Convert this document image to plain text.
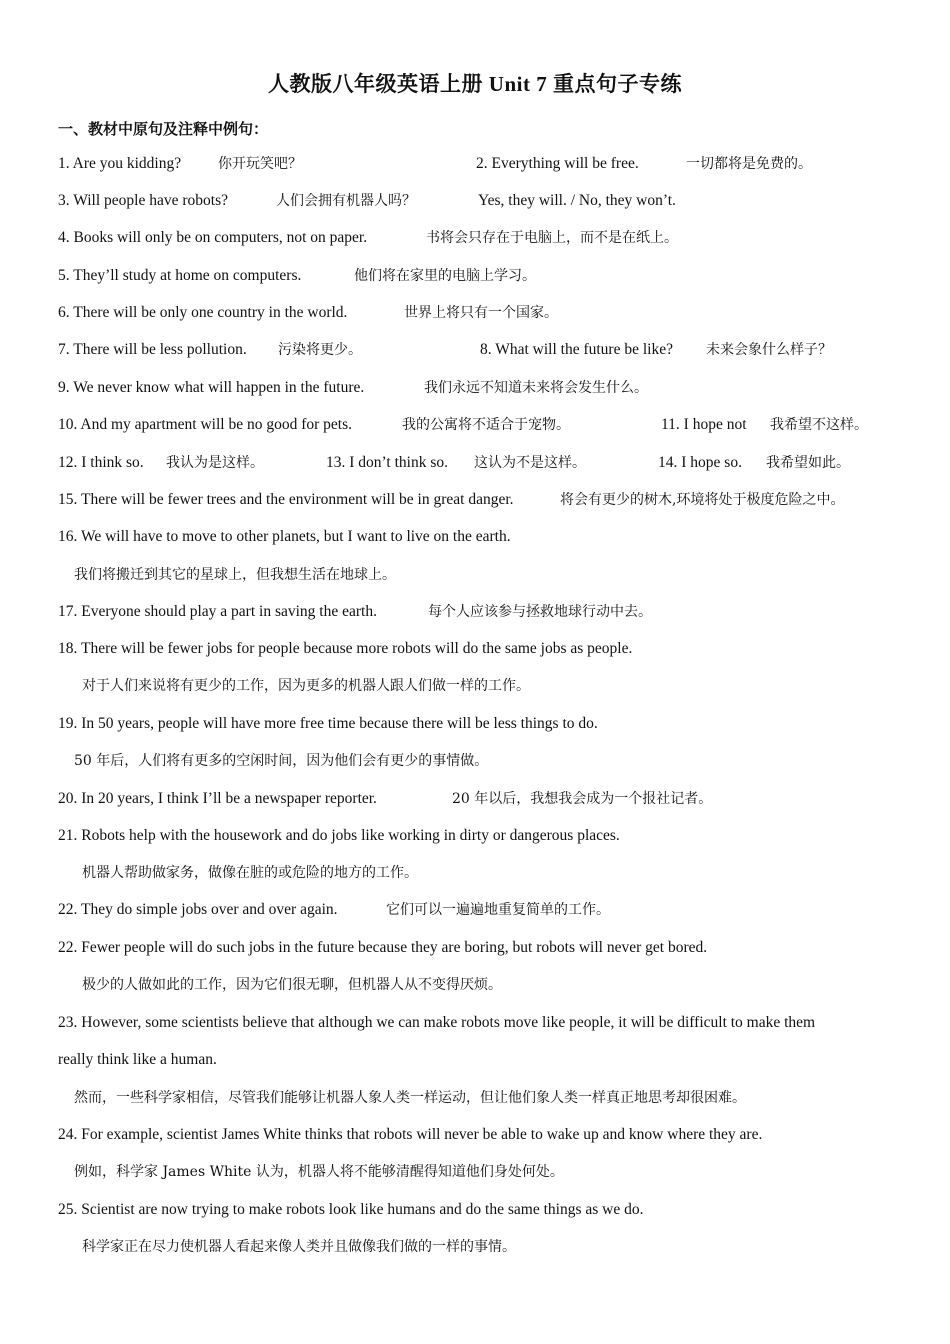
人教版八年级英语上册 Unit 7 重点句子专练
一、教材中原句及注释中例句：
1. Are you kidding?	你开玩笑吧？	2. Everything will be free.	一切都将是免费的。
3. Will people have robots?	人们会拥有机器人吗？	Yes, they will. / No, they won’t.
4. Books will only be on computers, not on paper.	书将会只存在于电脑上，而不是在纸上。
5. They’ll study at home on computers.	他们将在家里的电脑上学习。
6. There will be only one country in the world.	世界上将只有一个国家。
7. There will be less pollution. 污染将更少。	8. What will the future be like? 未来会象什么样子？
9. We never know what will happen in the future.	我们永远不知道未来将会发生什么。
10. And my apartment will be no good for pets.	我的公寓将不适合于宠物。	11. I hope not 我希望不这样。
12. I think so. 我认为是这样。	13. I don’t think so. 这认为不是这样。	14. I hope so. 我希望如此。
15. There will be fewer trees and the environment will be in great danger.	将会有更少的树木,环境将处于极度危险之中。
16. We will have to move to other planets, but I want to live on the earth.
我们将搬迁到其它的星球上，但我想生活在地球上。
17. Everyone should play a part in saving the earth.	每个人应该参与拯救地球行动中去。
18. There will be fewer jobs for people because more robots will do the same jobs as people.
对于人们来说将有更少的工作，因为更多的机器人跟人们做一样的工作。
19. In 50 years, people will have more free time because there will be less things to do.
50 年后，人们将有更多的空闲时间，因为他们会有更少的事情做。
20. In 20 years, I think I’ll be a newspaper reporter.	20 年以后，我想我会成为一个报社记者。
21. Robots help with the housework and do jobs like working in dirty or dangerous places.
机器人帮助做家务，做像在脏的或危险的地方的工作。
22. They do simple jobs over and over again.	它们可以一遍遍地重复简单的工作。
22. Fewer people will do such jobs in the future because they are boring, but robots will never get bored.
极少的人做如此的工作，因为它们很无聊，但机器人从不变得厌烦。
23. However, some scientists believe that although we can make robots move like people, it will be difficult to make them
really think like a human.
然而，一些科学家相信，尽管我们能够让机器人象人类一样运动，但让他们象人类一样真正地思考却很困难。
24. For example, scientist James White thinks that robots will never be able to wake up and know where they are.
例如，科学家 James White 认为，机器人将不能够清醒得知道他们身处何处。
25. Scientist are now trying to make robots look like humans and do the same things as we do.
科学家正在尽力使机器人看起来像人类并且做像我们做的一样的事情。
